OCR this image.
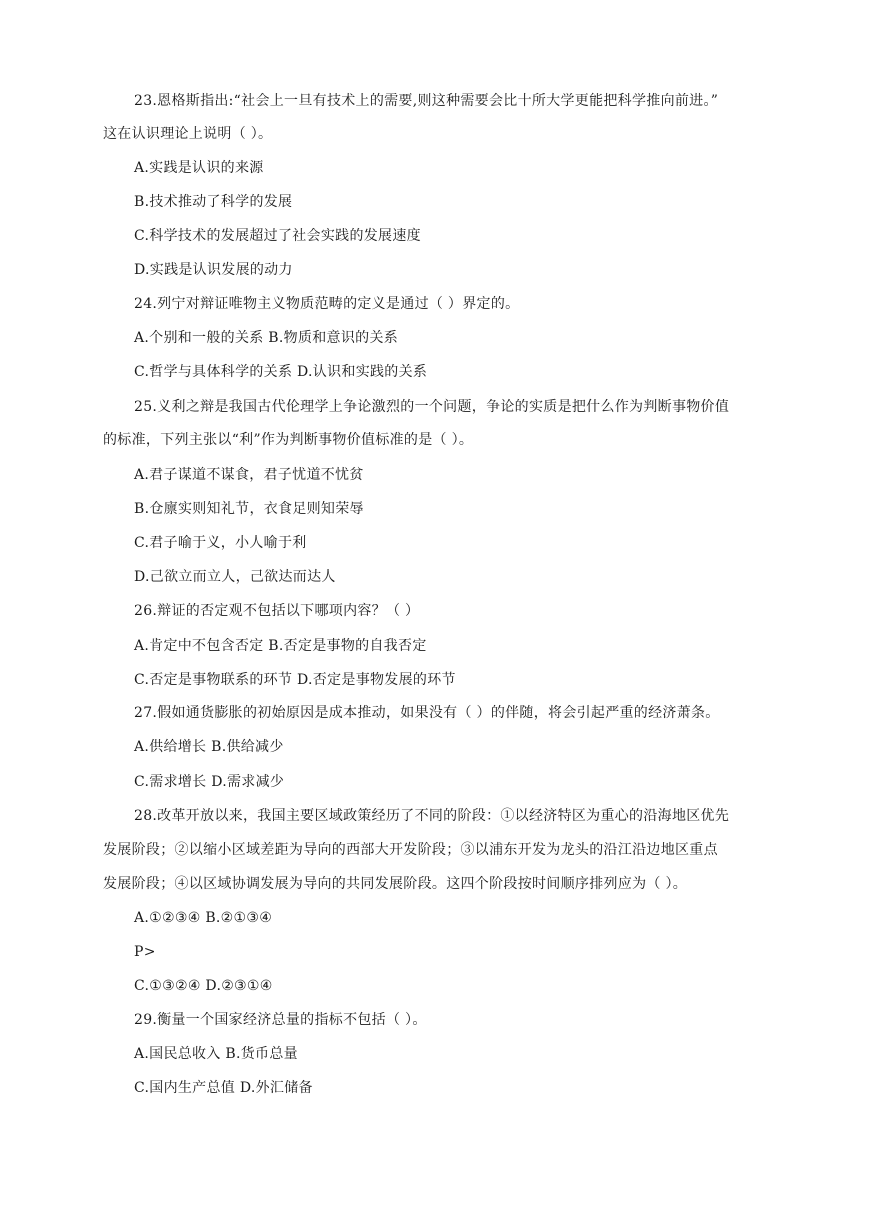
23.恩格斯指出:“社会上一旦有技术上的需要,则这种需要会比十所大学更能把科学推向前进。”
这在认识理论上说明（ ）。
A.实践是认识的来源
B.技术推动了科学的发展
C.科学技术的发展超过了社会实践的发展速度
D.实践是认识发展的动力
24.列宁对辩证唯物主义物质范畴的定义是通过（ ）界定的。
A.个别和一般的关系 B.物质和意识的关系
C.哲学与具体科学的关系 D.认识和实践的关系
25.义利之辩是我国古代伦理学上争论激烈的一个问题，争论的实质是把什么作为判断事物价值
的标准，下列主张以“利”作为判断事物价值标准的是（ ）。
A.君子谋道不谋食，君子忧道不忧贫
B.仓廪实则知礼节，衣食足则知荣辱
C.君子喻于义，小人喻于利
D.己欲立而立人，己欲达而达人
26.辩证的否定观不包括以下哪项内容？（ ）
A.肯定中不包含否定 B.否定是事物的自我否定
C.否定是事物联系的环节 D.否定是事物发展的环节
27.假如通货膨胀的初始原因是成本推动，如果没有（ ）的伴随，将会引起严重的经济萧条。
A.供给增长 B.供给减少
C.需求增长 D.需求减少
28.改革开放以来，我国主要区域政策经历了不同的阶段：①以经济特区为重心的沿海地区优先
发展阶段；②以缩小区域差距为导向的西部大开发阶段；③以浦东开发为龙头的沿江沿边地区重点
发展阶段；④以区域协调发展为导向的共同发展阶段。这四个阶段按时间顺序排列应为（ ）。
A.①②③④ B.②①③④
P>
C.①③②④ D.②③①④
29.衡量一个国家经济总量的指标不包括（ ）。
A.国民总收入 B.货币总量
C.国内生产总值 D.外汇储备
